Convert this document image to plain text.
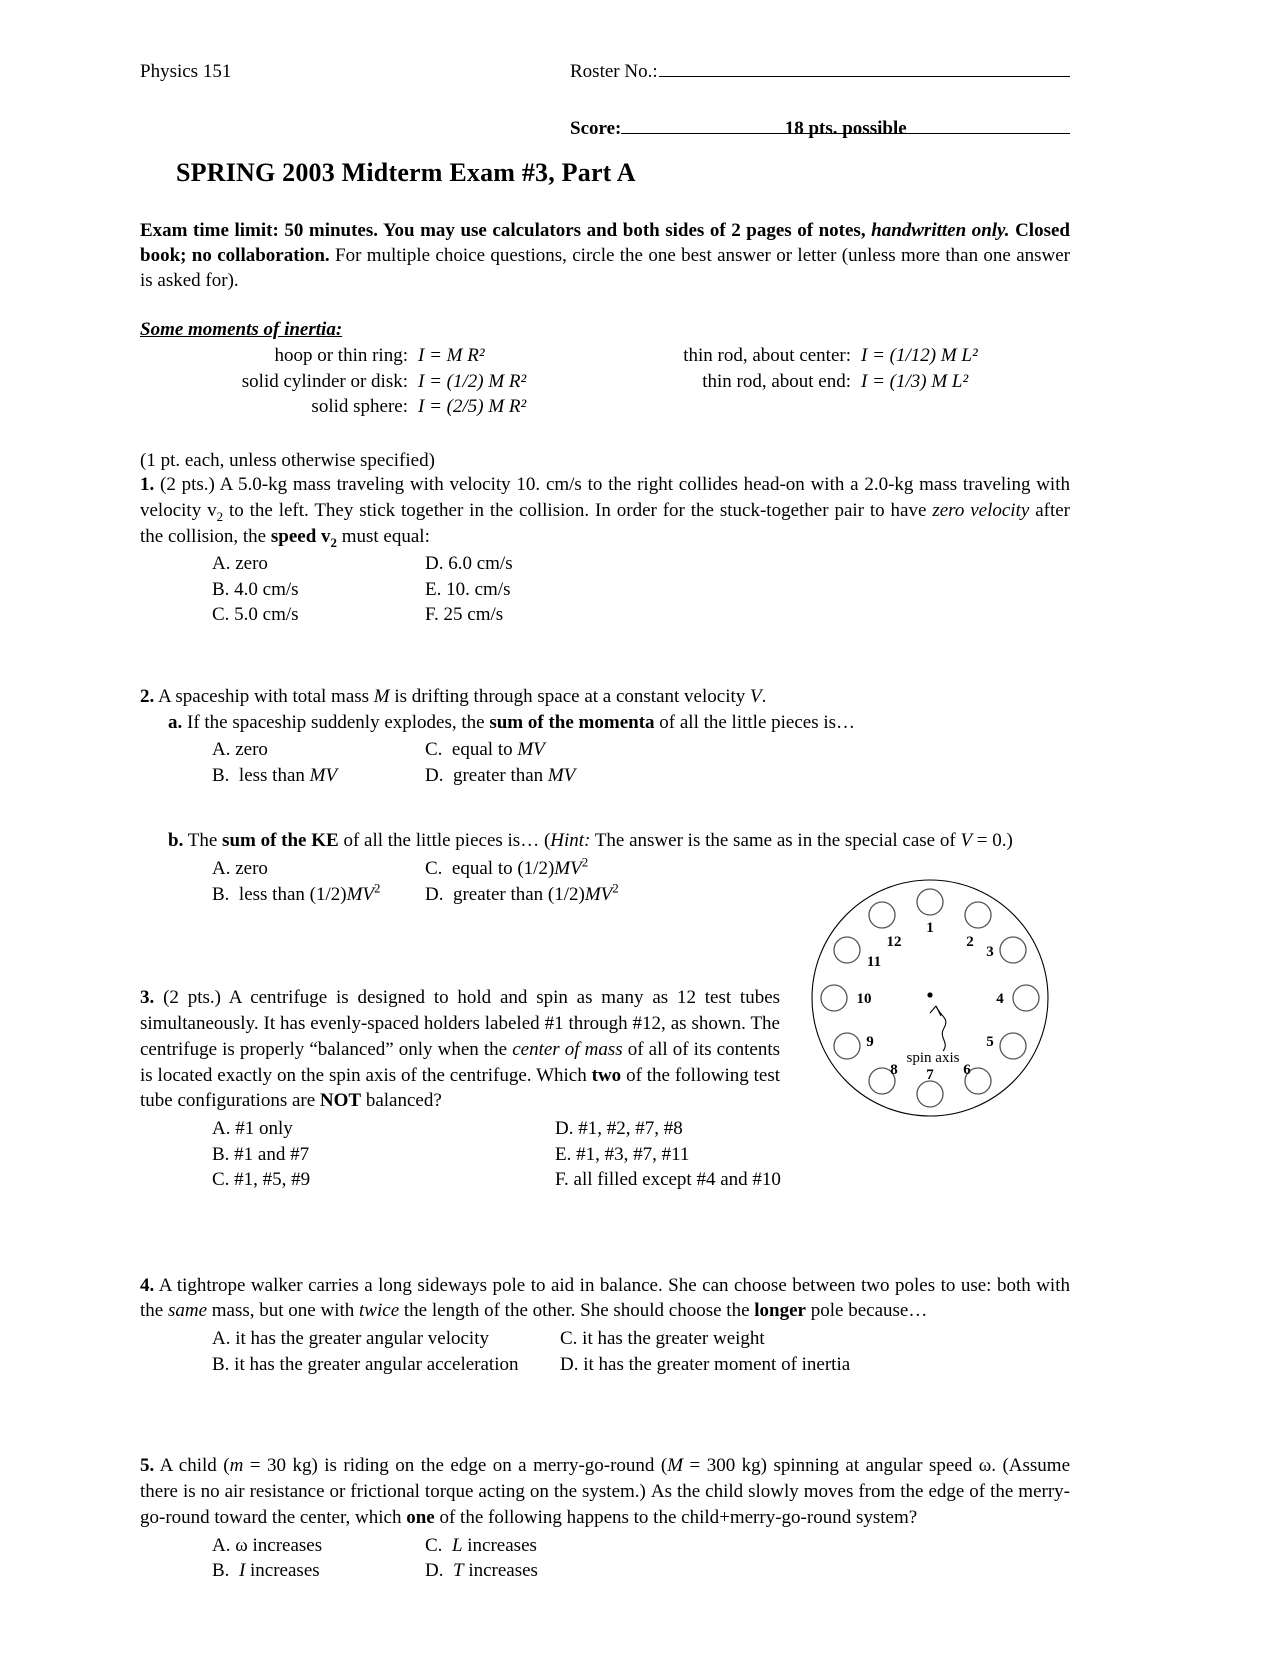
Physics 151	Roster No.:
Score:	18 pts. possible
SPRING 2003 Midterm Exam #3, Part A
Exam time limit: 50 minutes. You may use calculators and both sides of 2 pages of notes, handwritten only. Closed book; no collaboration. For multiple choice questions, circle the one best answer or letter (unless more than one answer is asked for).
Some moments of inertia:
hoop or thin ring: I = M R²	thin rod, about center: I = (1/12) M L²
solid cylinder or disk: I = (1/2) M R²	thin rod, about end: I = (1/3) M L²
solid sphere: I = (2/5) M R²
(1 pt. each, unless otherwise specified)
1. (2 pts.) A 5.0-kg mass traveling with velocity 10. cm/s to the right collides head-on with a 2.0-kg mass traveling with velocity $v_2$ to the left. They stick together in the collision. In order for the stuck-together pair to have zero velocity after the collision, the speed $v_2$ must equal:
A. zero	D. 6.0 cm/s
B. 4.0 cm/s	E. 10. cm/s
C. 5.0 cm/s	F. 25 cm/s
2. A spaceship with total mass M is drifting through space at a constant velocity V.
a. If the spaceship suddenly explodes, the sum of the momenta of all the little pieces is…
A. zero	C.  equal to MV
B.  less than MV	D.  greater than MV
b. The sum of the KE of all the little pieces is… (Hint: The answer is the same as in the special case of V = 0.)
A. zero	C.  equal to $(1/2)MV^2$
B.  less than $(1/2)MV^2$	D.  greater than $(1/2)MV^2$
3. (2 pts.) A centrifuge is designed to hold and spin as many as 12 test tubes simultaneously. It has evenly-spaced holders labeled #1 through #12, as shown. The centrifuge is properly “balanced” only when the center of mass of all of its contents is located exactly on the spin axis of the centrifuge. Which two of the following test tube configurations are NOT balanced?
A. #1 only	D. #1, #2, #7, #8
B. #1 and #7	E. #1, #3, #7, #11
C. #1, #5, #9	F. all filled except #4 and #10
4. A tightrope walker carries a long sideways pole to aid in balance. She can choose between two poles to use: both with the same mass, but one with twice the length of the other. She should choose the longer pole because…
A. it has the greater angular velocity	C. it has the greater weight
B. it has the greater angular acceleration	D. it has the greater moment of inertia
5. A child (m = 30 kg) is riding on the edge on a merry-go-round (M = 300 kg) spinning at angular speed ω. (Assume there is no air resistance or frictional torque acting on the system.) As the child slowly moves from the edge of the merry-go-round toward the center, which one of the following happens to the child+merry-go-round system?
A. ω increases	C.  L increases
B.  I increases	D.  T increases
1
2
3
4
5
6
7
8
9
10
11
12
spin axis
